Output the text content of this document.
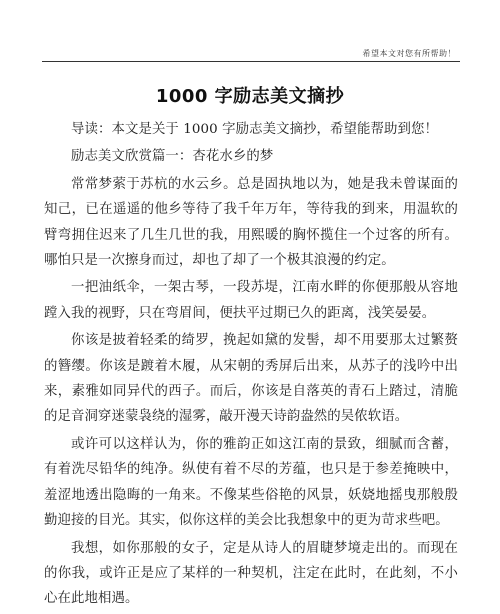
希望本文对您有所帮助！
1000 字励志美文摘抄

导读：本文是关于 1000 字励志美文摘抄，希望能帮助到您！

励志美文欣赏篇一：杏花水乡的梦

常常梦萦于苏杭的水云乡。总是固执地以为，她是我未曾谋面的知己，已在遥遥的他乡等待了我千年万年，等待我的到来，用温软的臂弯拥住迟来了几生几世的我，用熙暖的胸怀揽住一个过客的所有。哪怕只是一次擦身而过，却也了却了一个极其浪漫的约定。

一把油纸伞，一架古琴，一段苏堤，江南水畔的你便那般从容地蹚入我的视野，只在弯眉间，便扶平过期已久的距离，浅笑晏晏。

你该是披着轻柔的绮罗，挽起如黛的发髻，却不用要那太过繁赘的簪缨。你该是踱着木履，从宋朝的秀屏后出来，从苏子的浅吟中出来，素雅如同异代的西子。而后，你该是自落英的青石上踏过，清脆的足音洞穿迷蒙袅绕的湿雾，敲开漫天诗韵盎然的吴侬软语。

或许可以这样认为，你的雅韵正如这江南的景致，细腻而含蓄，有着洗尽铅华的纯净。纵使有着不尽的芳蕴，也只是于参差掩映中，羞涩地透出隐晦的一角来。不像某些俗艳的风景，妖娆地摇曳那般殷勤迎接的目光。其实，似你这样的美会比我想象中的更为苛求些吧。

我想，如你那般的女子，定是从诗人的眉睫梦境走出的。而现在的你我，或许正是应了某样的一种契机，注定在此时，在此刻，不小心在此地相遇。
